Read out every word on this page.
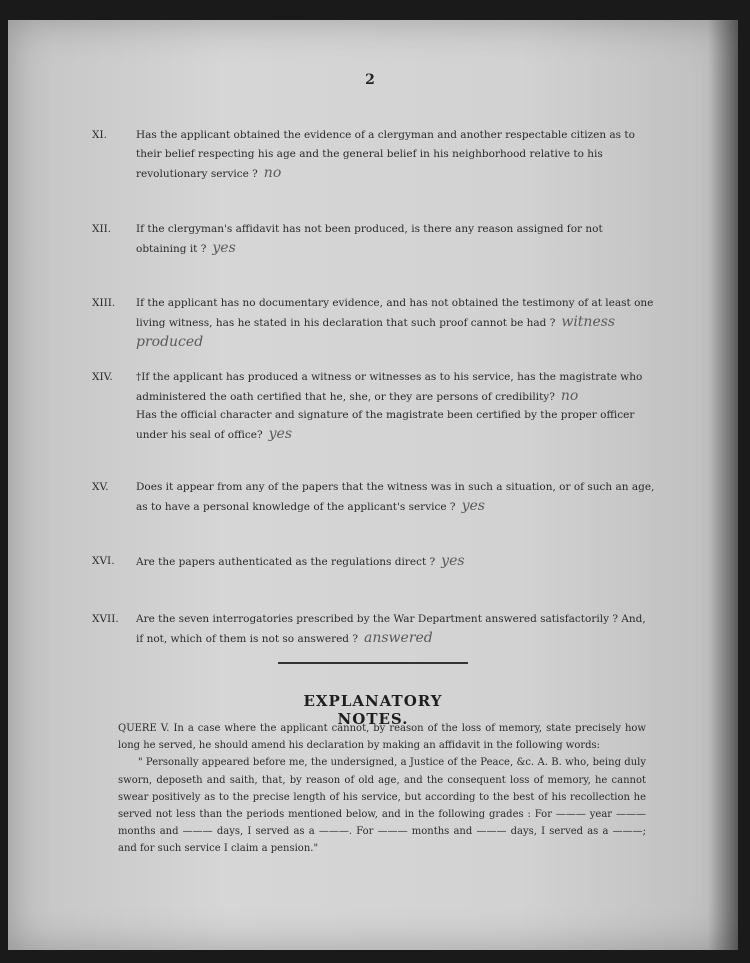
2
XI.	Has the applicant obtained the evidence of a clergyman and another respectable citizen as to their belief respecting his age and the general belief in his neighborhood relative to his revolutionary service ? no
XII. If the clergyman's affidavit has not been produced, is there any reason assigned for not obtaining it ? yes
XIII. If the applicant has no documentary evidence, and has not obtained the testimony of at least one living witness, has he stated in his declaration that such proof cannot be had ? witness produced
XIV. †If the applicant has produced a witness or witnesses as to his service, has the magistrate who administered the oath certified that he, she, or they are persons of credibility? no
Has the official character and signature of the magistrate been certified by the proper officer under his seal of office? yes
XV.	Does it appear from any of the papers that the witness was in such a situation, or of such an age, as to have a personal knowledge of the applicant's service ? yes
XVI. Are the papers authenticated as the regulations direct ? yes
XVII. Are the seven interrogatories prescribed by the War Department answered satisfactorily ? And, if not, which of them is not so answered ? answered
EXPLANATORY NOTES.
QUERE V. In a case where the applicant cannot, by reason of the loss of memory, state precisely how long he served, he should amend his declaration by making an affidavit in the following words:
" Personally appeared before me, the undersigned, a Justice of the Peace, &c. A. B. who, being duly sworn, deposeth and saith, that, by reason of old age, and the consequent loss of memory, he cannot swear positively as to the precise length of his service, but according to the best of his recollection he served not less than the periods mentioned below, and in the following grades : For ——— year ——— months and ——— days, I served as a ———. For ——— months and ——— days, I served as a ———; and for such service I claim a pension."
